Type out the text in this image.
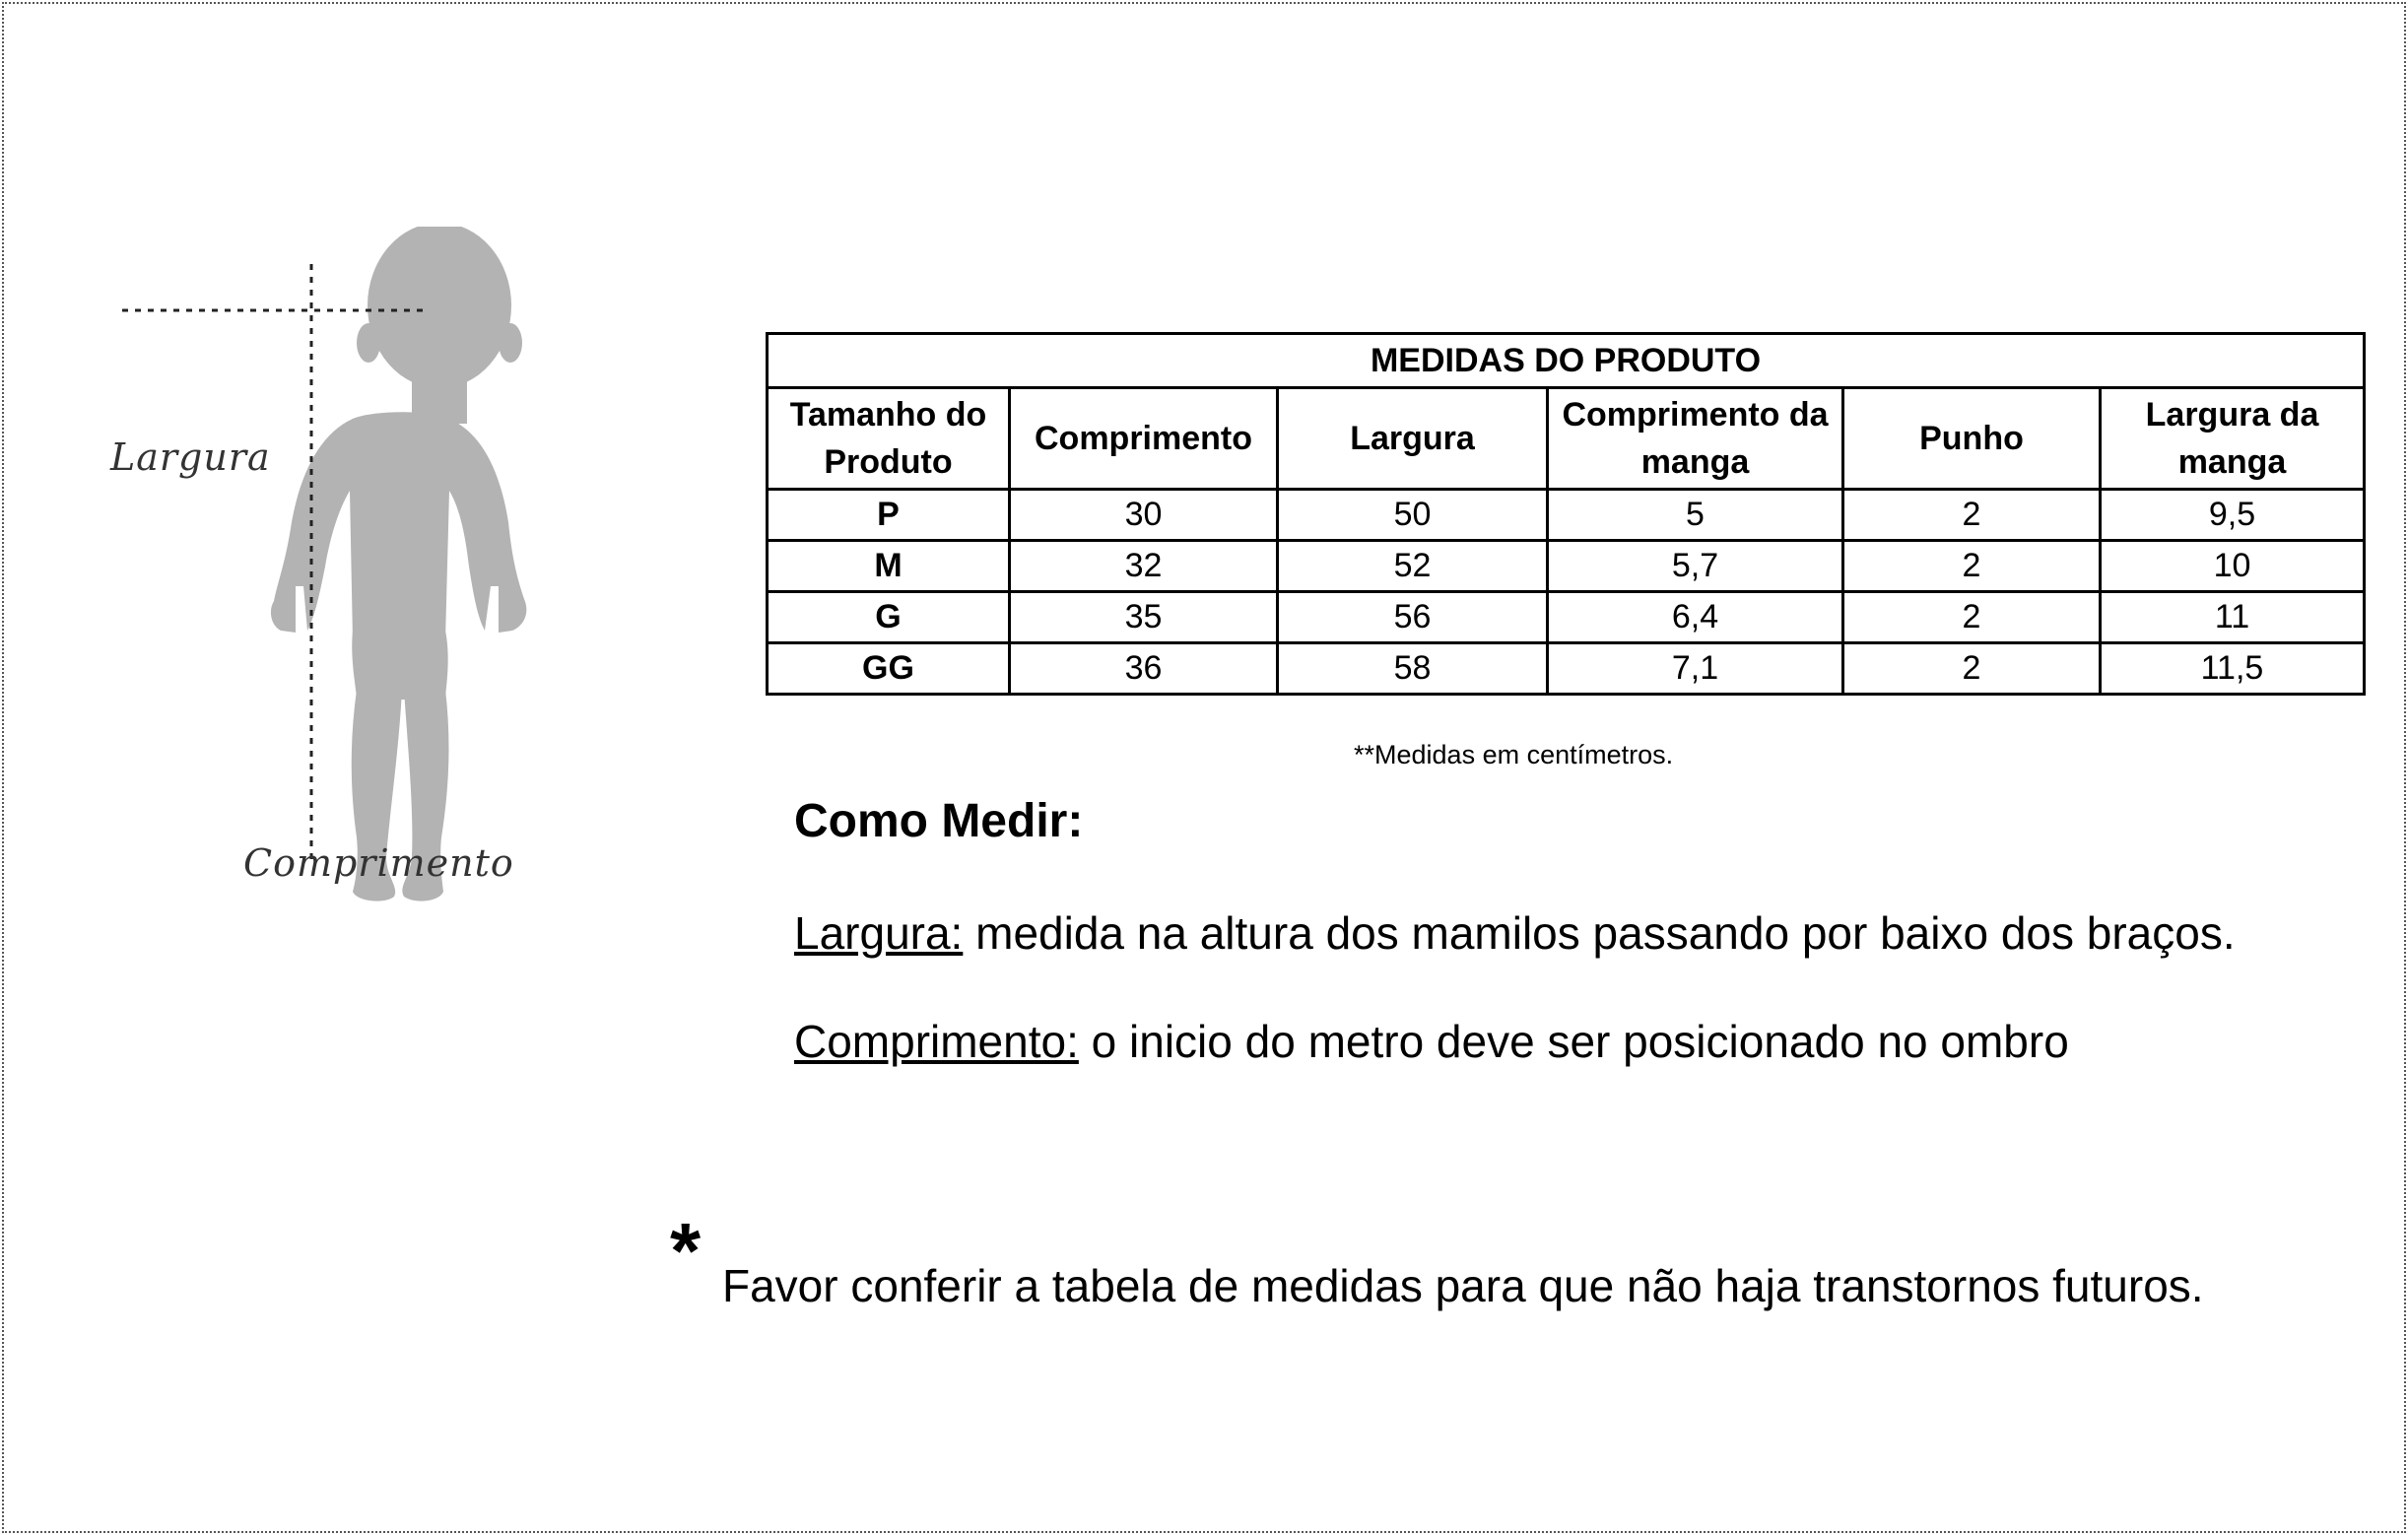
Largura
Comprimento
MEDIDAS DO PRODUTO					
Tamanho do Produto	Comprimento	Largura	Comprimento da manga	Punho	Largura da manga
P	30	50	5	2	9,5
M	32	52	5,7	2	10
G	35	56	6,4	2	11
GG	36	58	7,1	2	11,5
**Medidas em centímetros.
Como Medir:
Largura: medida na altura dos mamilos passando por baixo dos braços.
Comprimento: o inicio do metro deve ser posicionado no ombro
* Favor conferir a tabela de medidas para que não haja transtornos futuros.
